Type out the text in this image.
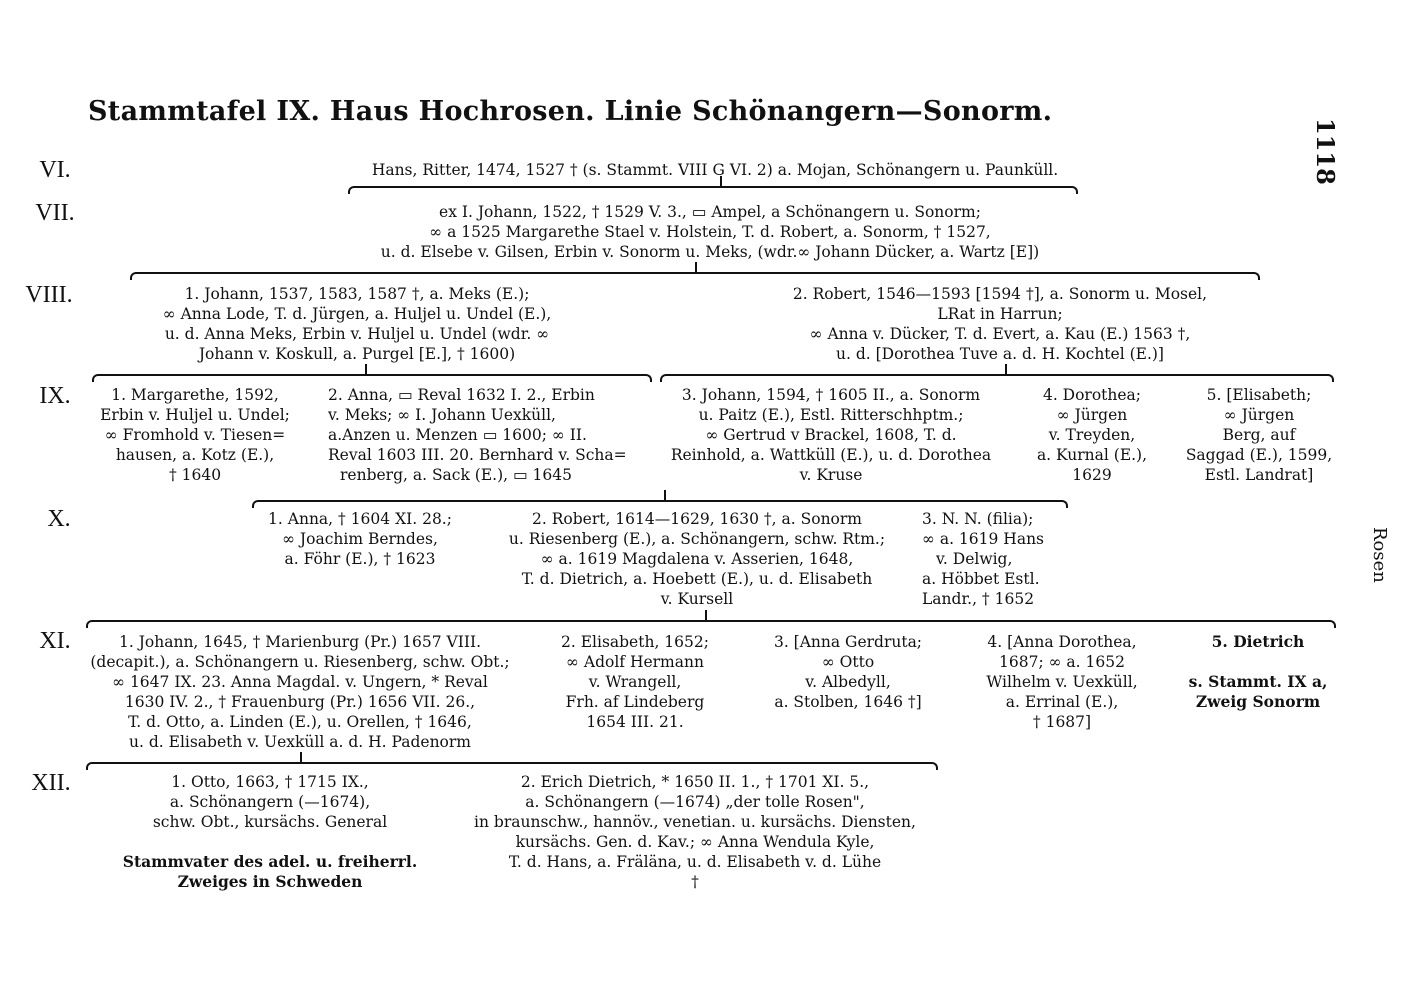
Stammtafel IX. Haus Hochrosen. Linie Schönangern—Sonorm.
1118
Rosen
VI.
VII.
VIII.
IX.
X.
XI.
XII.
Hans, Ritter, 1474, 1527 † (s. Stammt. VIII G VI. 2) a. Mojan, Schönangern u. Paunküll.
ex I. Johann, 1522, † 1529 V. 3., ▭ Ampel, a Schönangern u. Sonorm;
∞ a 1525 Margarethe Stael v. Holstein, T. d. Robert, a. Sonorm, † 1527,
u. d. Elsebe v. Gilsen, Erbin v. Sonorm u. Meks, (wdr.∞ Johann Dücker, a. Wartz [E])
1. Johann, 1537, 1583, 1587 †, a. Meks (E.);
∞ Anna Lode, T. d. Jürgen, a. Huljel u. Undel (E.),
u. d. Anna Meks, Erbin v. Huljel u. Undel (wdr. ∞
Johann v. Koskull, a. Purgel [E.], † 1600)
2. Robert, 1546—1593 [1594 †], a. Sonorm u. Mosel,
LRat in Harrun;
∞ Anna v. Dücker, T. d. Evert, a. Kau (E.) 1563 †,
u. d. [Dorothea Tuve a. d. H. Kochtel (E.)]
1. Margarethe, 1592,
Erbin v. Huljel u. Undel;
∞ Fromhold v. Tiesen=
hausen, a. Kotz (E.),
† 1640
2. Anna, ▭ Reval 1632 I. 2., Erbin
v. Meks; ∞ I. Johann Uexküll,
a.Anzen u. Menzen ▭ 1600; ∞ II.
Reval 1603 III. 20. Bernhard v. Scha=
renberg, a. Sack (E.), ▭ 1645
3. Johann, 1594, † 1605 II., a. Sonorm
u. Paitz (E.), Estl. Ritterschhptm.;
∞ Gertrud v Brackel, 1608, T. d.
Reinhold, a. Wattküll (E.), u. d. Dorothea
v. Kruse
4. Dorothea;
∞ Jürgen
v. Treyden,
a. Kurnal (E.),
1629
5. [Elisabeth;
∞ Jürgen
Berg, auf
Saggad (E.), 1599,
Estl. Landrat]
1. Anna, † 1604 XI. 28.;
∞ Joachim Berndes,
a. Föhr (E.), † 1623
2. Robert, 1614—1629, 1630 †, a. Sonorm
u. Riesenberg (E.), a. Schönangern, schw. Rtm.;
∞ a. 1619 Magdalena v. Asserien, 1648,
T. d. Dietrich, a. Hoebett (E.), u. d. Elisabeth
v. Kursell
3. N. N. (filia);
∞ a. 1619 Hans
v. Delwig,
a. Höbbet Estl.
Landr., † 1652
1. Johann, 1645, † Marienburg (Pr.) 1657 VIII.
(decapit.), a. Schönangern u. Riesenberg, schw. Obt.;
∞ 1647 IX. 23. Anna Magdal. v. Ungern, * Reval
1630 IV. 2., † Frauenburg (Pr.) 1656 VII. 26.,
T. d. Otto, a. Linden (E.), u. Orellen, † 1646,
u. d. Elisabeth v. Uexküll a. d. H. Padenorm
2. Elisabeth, 1652;
∞ Adolf Hermann
v. Wrangell,
Frh. af Lindeberg
1654 III. 21.
3. [Anna Gerdruta;
∞ Otto
v. Albedyll,
a. Stolben, 1646 †]
4. [Anna Dorothea,
1687; ∞ a. 1652
Wilhelm v. Uexküll,
a. Errinal (E.),
† 1687]
5. Dietrich

s. Stammt. IX a,
Zweig Sonorm
1. Otto, 1663, † 1715 IX.,
a. Schönangern (—1674),
schw. Obt., kursächs. General

Stammvater des adel. u. freiherrl.
Zweiges in Schweden
2. Erich Dietrich, * 1650 II. 1., † 1701 XI. 5.,
a. Schönangern (—1674) „der tolle Rosen",
in braunschw., hannöv., venetian. u. kursächs. Diensten,
kursächs. Gen. d. Kav.; ∞ Anna Wendula Kyle,
T. d. Hans, a. Fräläna, u. d. Elisabeth v. d. Lühe
†
